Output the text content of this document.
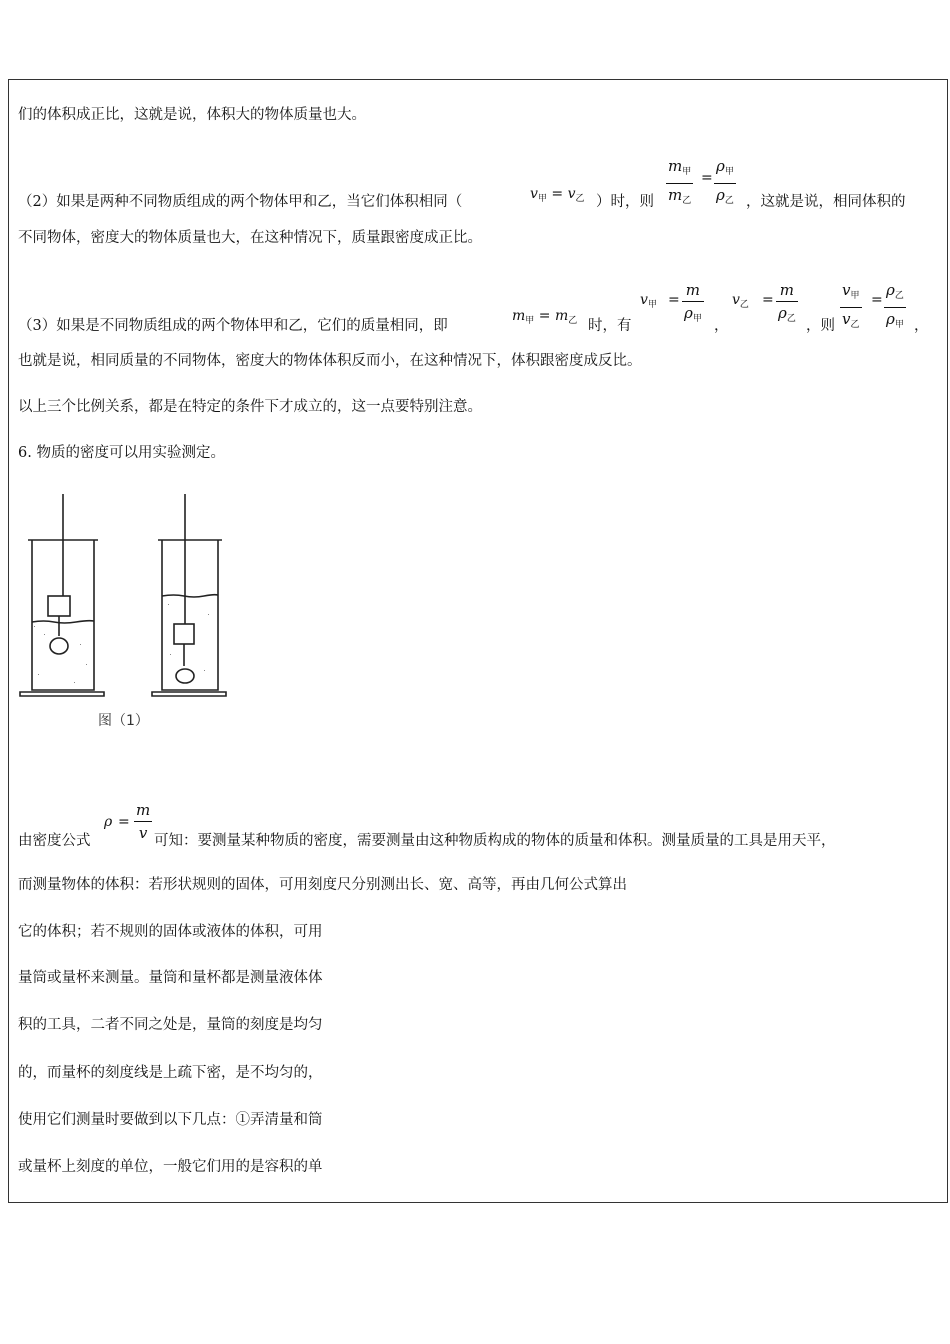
们的体积成正比，这就是说，体积大的物体质量也大。
（2）如果是两种不同物质组成的两个物体甲和乙，当它们体积相同（	$v_甲 = v_乙$ ）时，则
$m_甲$
$m_乙$
=
$\rho_甲$
$\rho_乙$ ，这就是说，相同体积的
不同物体，密度大的物体质量也大，在这种情况下，质量跟密度成正比。
（3）如果是不同物质组成的两个物体甲和乙，它们的质量相同，即
$m_甲 = m_乙$ 时，有
$v_甲$ =
m
$\rho_甲$ ，
$v_乙$ =
m
$\rho_乙$ ，则
$v_甲$
$v_乙$
=
$\rho_乙$
$\rho_甲$ ，
也就是说，相同质量的不同物体，密度大的物体体积反而小，在这种情况下，体积跟密度成反比。
以上三个比例关系，都是在特定的条件下才成立的，这一点要特别注意。
6. 物质的密度可以用实验测定。
图（1）
由密度公式
ρ =
m
v 可知：要测量某种物质的密度，需要测量由这种物质构成的物体的质量和体积。测量质量的工具是用天平，
而测量物体的体积：若形状规则的固体，可用刻度尺分别测出长、宽、高等，再由几何公式算出
它的体积；若不规则的固体或液体的体积，可用
量筒或量杯来测量。量筒和量杯都是测量液体体
积的工具，二者不同之处是，量筒的刻度是均匀
的，而量杯的刻度线是上疏下密，是不均匀的，
使用它们测量时要做到以下几点：①弄清量和筒
或量杯上刻度的单位，一般它们用的是容积的单
